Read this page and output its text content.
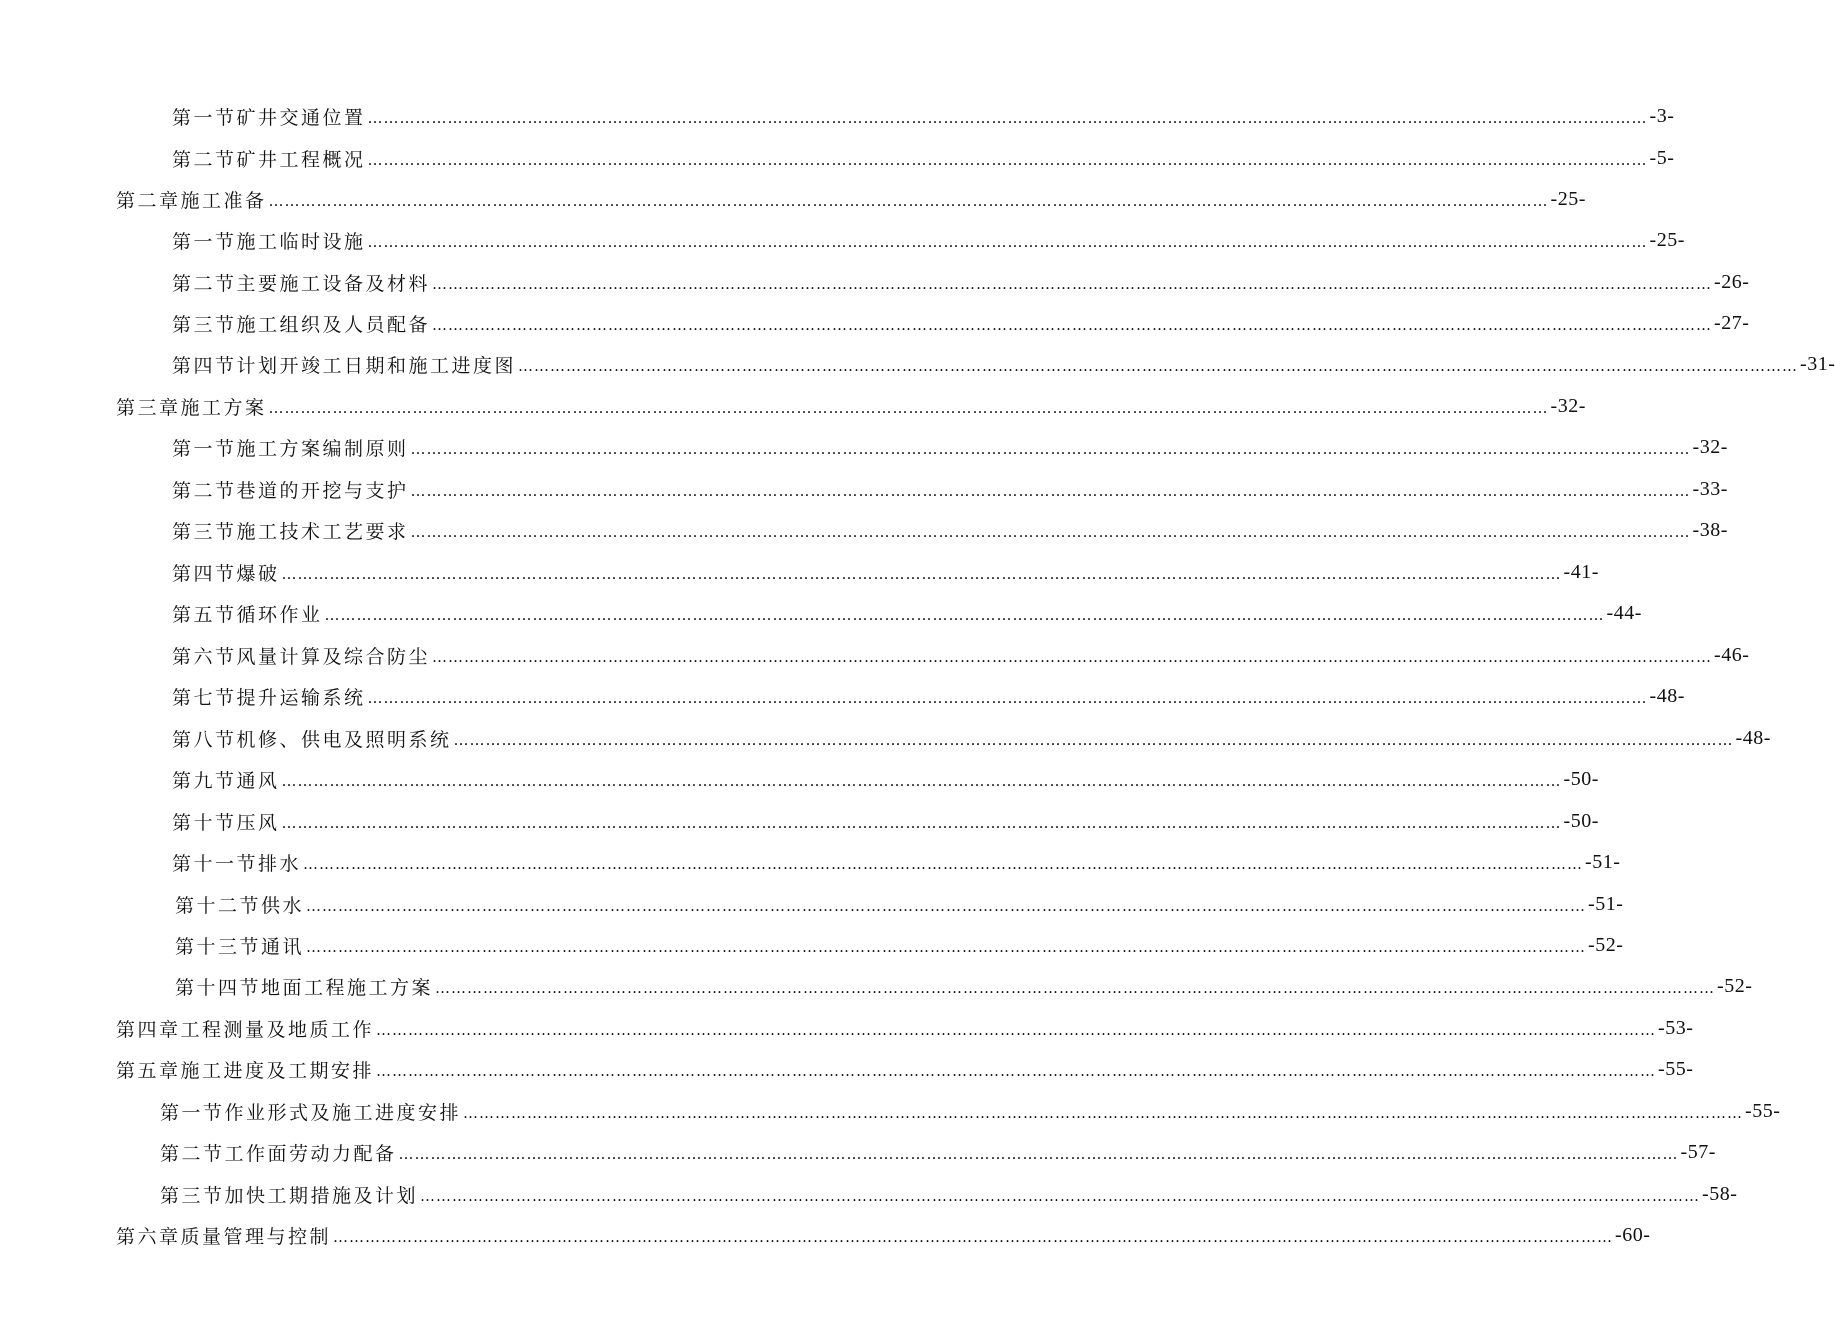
第一节 矿井交通位置 …………………………………………………………………………………………………………………………………………………………………………………………………………………… -3-
第二节 矿井工程概况 …………………………………………………………………………………………………………………………………………………………………………………………………………………… -5-
第二章 施工准备 …………………………………………………………………………………………………………………………………………………………………………………………………………………… -25-
第一节 施工临时设施 …………………………………………………………………………………………………………………………………………………………………………………………………………………… -25-
第二节 主要施工设备及材料 …………………………………………………………………………………………………………………………………………………………………………………………………………………… -26-
第三节 施工组织及人员配备 …………………………………………………………………………………………………………………………………………………………………………………………………………………… -27-
第四节 计划开竣工日期和施工进度图 …………………………………………………………………………………………………………………………………………………………………………………………………………………… -31-
第三章 施工方案 …………………………………………………………………………………………………………………………………………………………………………………………………………………… -32-
第一节 施工方案编制原则 …………………………………………………………………………………………………………………………………………………………………………………………………………………… -32-
第二节 巷道的开挖与支护 …………………………………………………………………………………………………………………………………………………………………………………………………………………… -33-
第三节 施工技术工艺要求 …………………………………………………………………………………………………………………………………………………………………………………………………………………… -38-
第四节 爆破 …………………………………………………………………………………………………………………………………………………………………………………………………………………… -41-
第五节 循环作业 …………………………………………………………………………………………………………………………………………………………………………………………………………………… -44-
第六节 风量计算及综合防尘 …………………………………………………………………………………………………………………………………………………………………………………………………………………… -46-
第七节 提升运输系统 …………………………………………………………………………………………………………………………………………………………………………………………………………………… -48-
第八节 机修、供电及照明系统 …………………………………………………………………………………………………………………………………………………………………………………………………………………… -48-
第九节 通风 …………………………………………………………………………………………………………………………………………………………………………………………………………………… -50-
第十节 压风 …………………………………………………………………………………………………………………………………………………………………………………………………………………… -50-
第十一节 排水 …………………………………………………………………………………………………………………………………………………………………………………………………………………… -51-
第十二节 供水 …………………………………………………………………………………………………………………………………………………………………………………………………………………… -51-
第十三节 通讯 …………………………………………………………………………………………………………………………………………………………………………………………………………………… -52-
第十四节 地面工程施工方案 …………………………………………………………………………………………………………………………………………………………………………………………………………………… -52-
第四章 工程测量及地质工作 …………………………………………………………………………………………………………………………………………………………………………………………………………………… -53-
第五章 施工进度及工期安排 …………………………………………………………………………………………………………………………………………………………………………………………………………………… -55-
第一节 作业形式及施工进度安排 …………………………………………………………………………………………………………………………………………………………………………………………………………………… -55-
第二节 工作面劳动力配备 …………………………………………………………………………………………………………………………………………………………………………………………………………………… -57-
第三节 加快工期措施及计划 …………………………………………………………………………………………………………………………………………………………………………………………………………………… -58-
第六章 质量管理与控制 …………………………………………………………………………………………………………………………………………………………………………………………………………………… -60-
